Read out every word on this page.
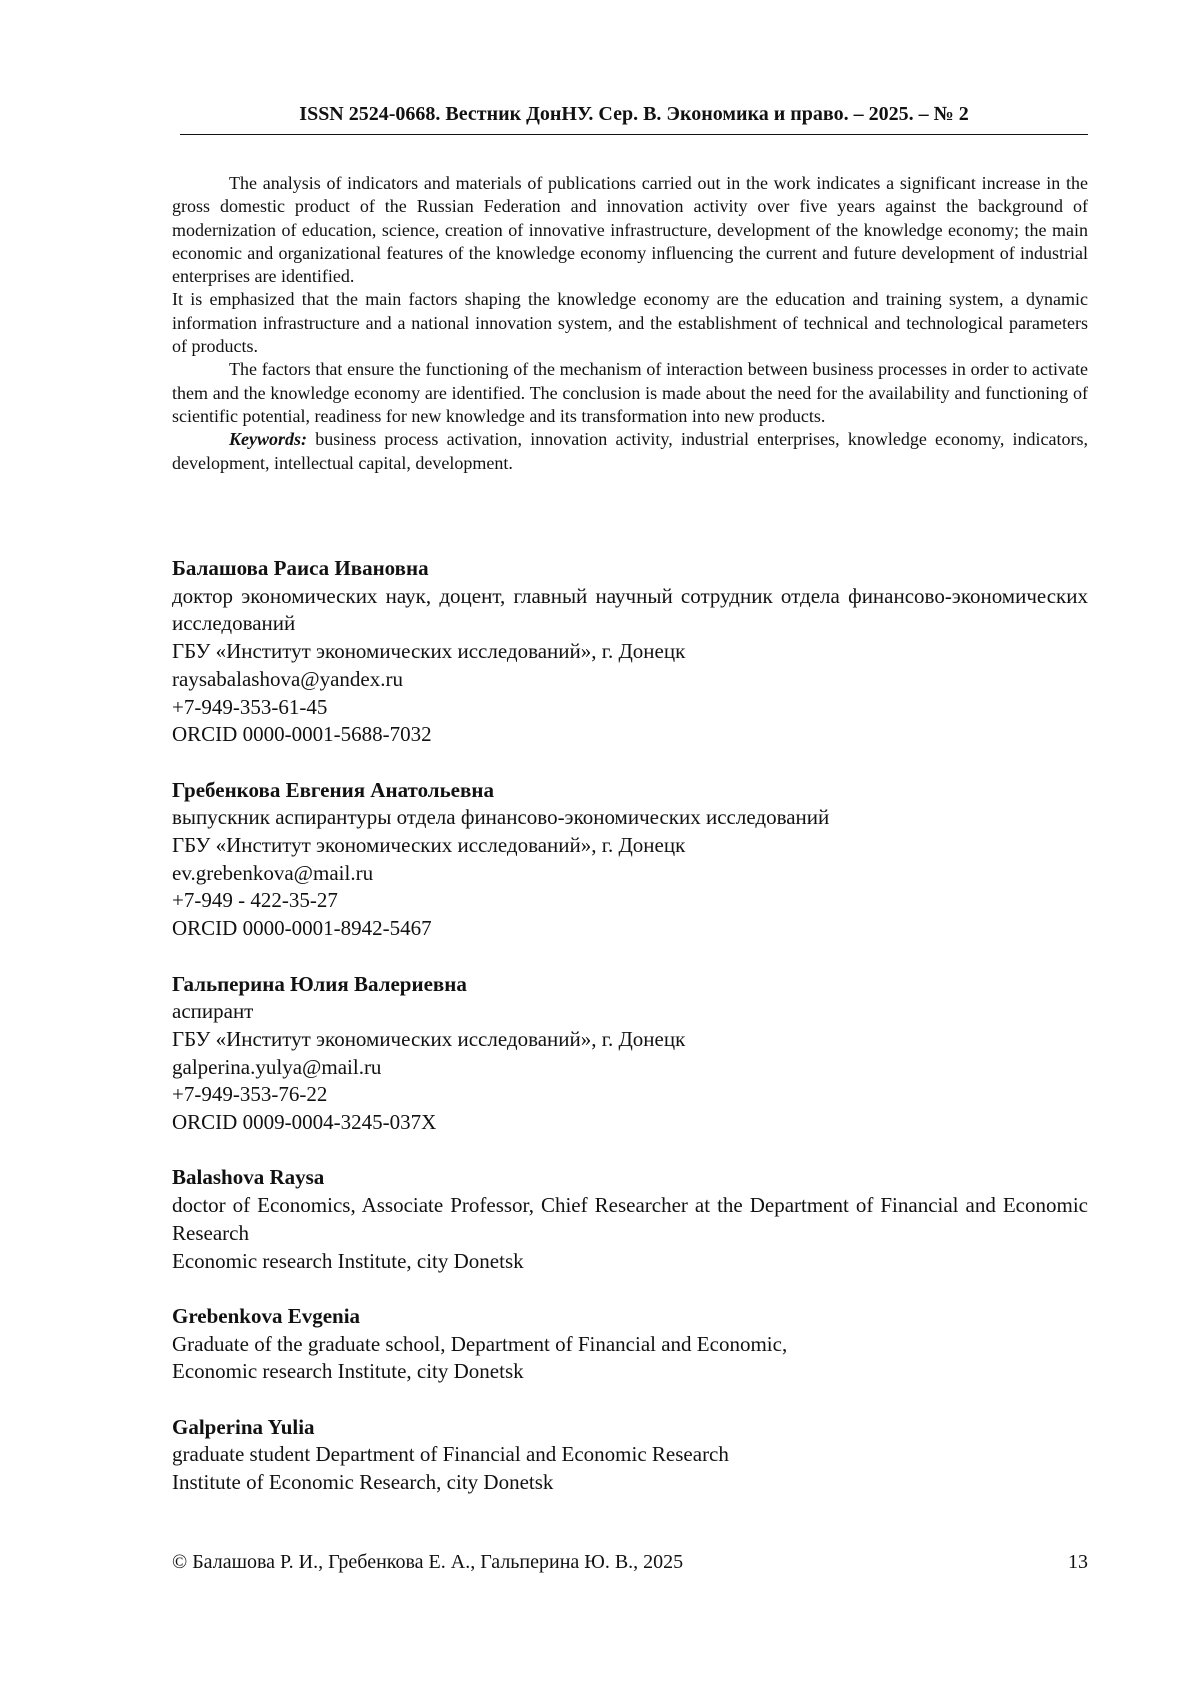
ISSN 2524-0668. Вестник ДонНУ. Сер. В. Экономика и право. – 2025. – № 2

The analysis of indicators and materials of publications carried out in the work indicates a significant increase in the gross domestic product of the Russian Federation and innovation activity over five years against the background of modernization of education, science, creation of innovative infrastructure, development of the knowledge economy; the main economic and organizational features of the knowledge economy influencing the current and future development of industrial enterprises are identified.

It is emphasized that the main factors shaping the knowledge economy are the education and training system, a dynamic information infrastructure and a national innovation system, and the establishment of technical and technological parameters of products.

The factors that ensure the functioning of the mechanism of interaction between business processes in order to activate them and the knowledge economy are identified. The conclusion is made about the need for the availability and functioning of scientific potential, readiness for new knowledge and its transformation into new products.

Keywords: business process activation, innovation activity, industrial enterprises, knowledge economy, indicators, development, intellectual capital, development.

Балашова Раиса Ивановна
доктор экономических наук, доцент, главный научный сотрудник отдела финансово-экономических исследований
ГБУ «Институт экономических исследований», г. Донецк
raysabalashova@yandex.ru
+7-949-353-61-45
ORCID 0000-0001-5688-7032
Гребенкова Евгения Анатольевна
выпускник аспирантуры отдела финансово-экономических исследований
ГБУ «Институт экономических исследований», г. Донецк
ev.grebenkova@mail.ru
+7-949 - 422-35-27
ORCID 0000-0001-8942-5467
Гальперина Юлия Валериевна
аспирант
ГБУ «Институт экономических исследований», г. Донецк
galperina.yulya@mail.ru
+7-949-353-76-22
ORCID 0009-0004-3245-037X
Balashova Raysa
doctor of Economics, Associate Professor, Chief Researcher at the Department of Financial and Economic Research
Economic research Institute, city Donetsk
Grebenkova Evgenia
Graduate of the graduate school, Department of Financial and Economic,
Economic research Institute, city Donetsk
Galperina Yulia
graduate student Department of Financial and Economic Research
Institute of Economic Research, city Donetsk
© Балашова Р. И., Гребенкова Е. А., Гальперина Ю. В., 2025	13
